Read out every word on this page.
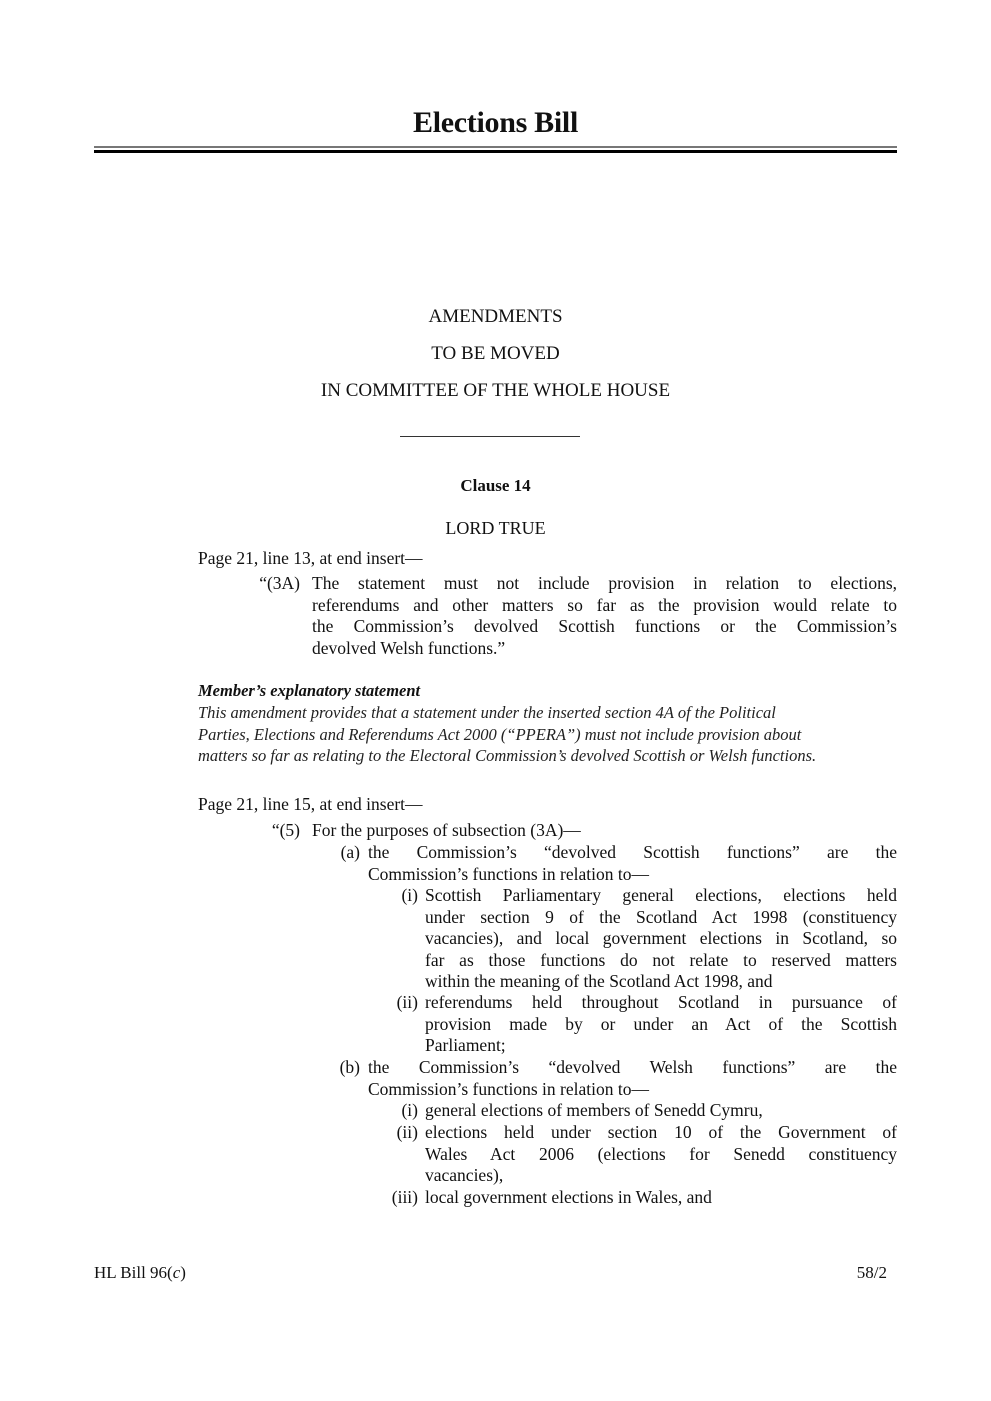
Elections Bill
AMENDMENTS
TO BE MOVED
IN COMMITTEE OF THE WHOLE HOUSE
Clause 14
LORD TRUE
Page 21, line 13, at end insert—
“(3A) The statement must not include provision in relation to elections,
referendums and other matters so far as the provision would relate to
the Commission’s devolved Scottish functions or the Commission’s
devolved Welsh functions.”
Member’s explanatory statement
This amendment provides that a statement under the inserted section 4A of the Political
Parties, Elections and Referendums Act 2000 (“PPERA”) must not include provision about
matters so far as relating to the Electoral Commission’s devolved Scottish or Welsh functions.
Page 21, line 15, at end insert—
“(5) For the purposes of subsection (3A)—
(a) the Commission’s “devolved Scottish functions” are the
Commission’s functions in relation to—
(i) Scottish Parliamentary general elections, elections held
under section 9 of the Scotland Act 1998 (constituency
vacancies), and local government elections in Scotland, so
far as those functions do not relate to reserved matters
within the meaning of the Scotland Act 1998, and
(ii) referendums held throughout Scotland in pursuance of
provision made by or under an Act of the Scottish
Parliament;
(b) the Commission’s “devolved Welsh functions” are the
Commission’s functions in relation to—
(i) general elections of members of Senedd Cymru,
(ii) elections held under section 10 of the Government of
Wales Act 2006 (elections for Senedd constituency
vacancies),
(iii) local government elections in Wales, and
HL Bill 96(c)	58/2
